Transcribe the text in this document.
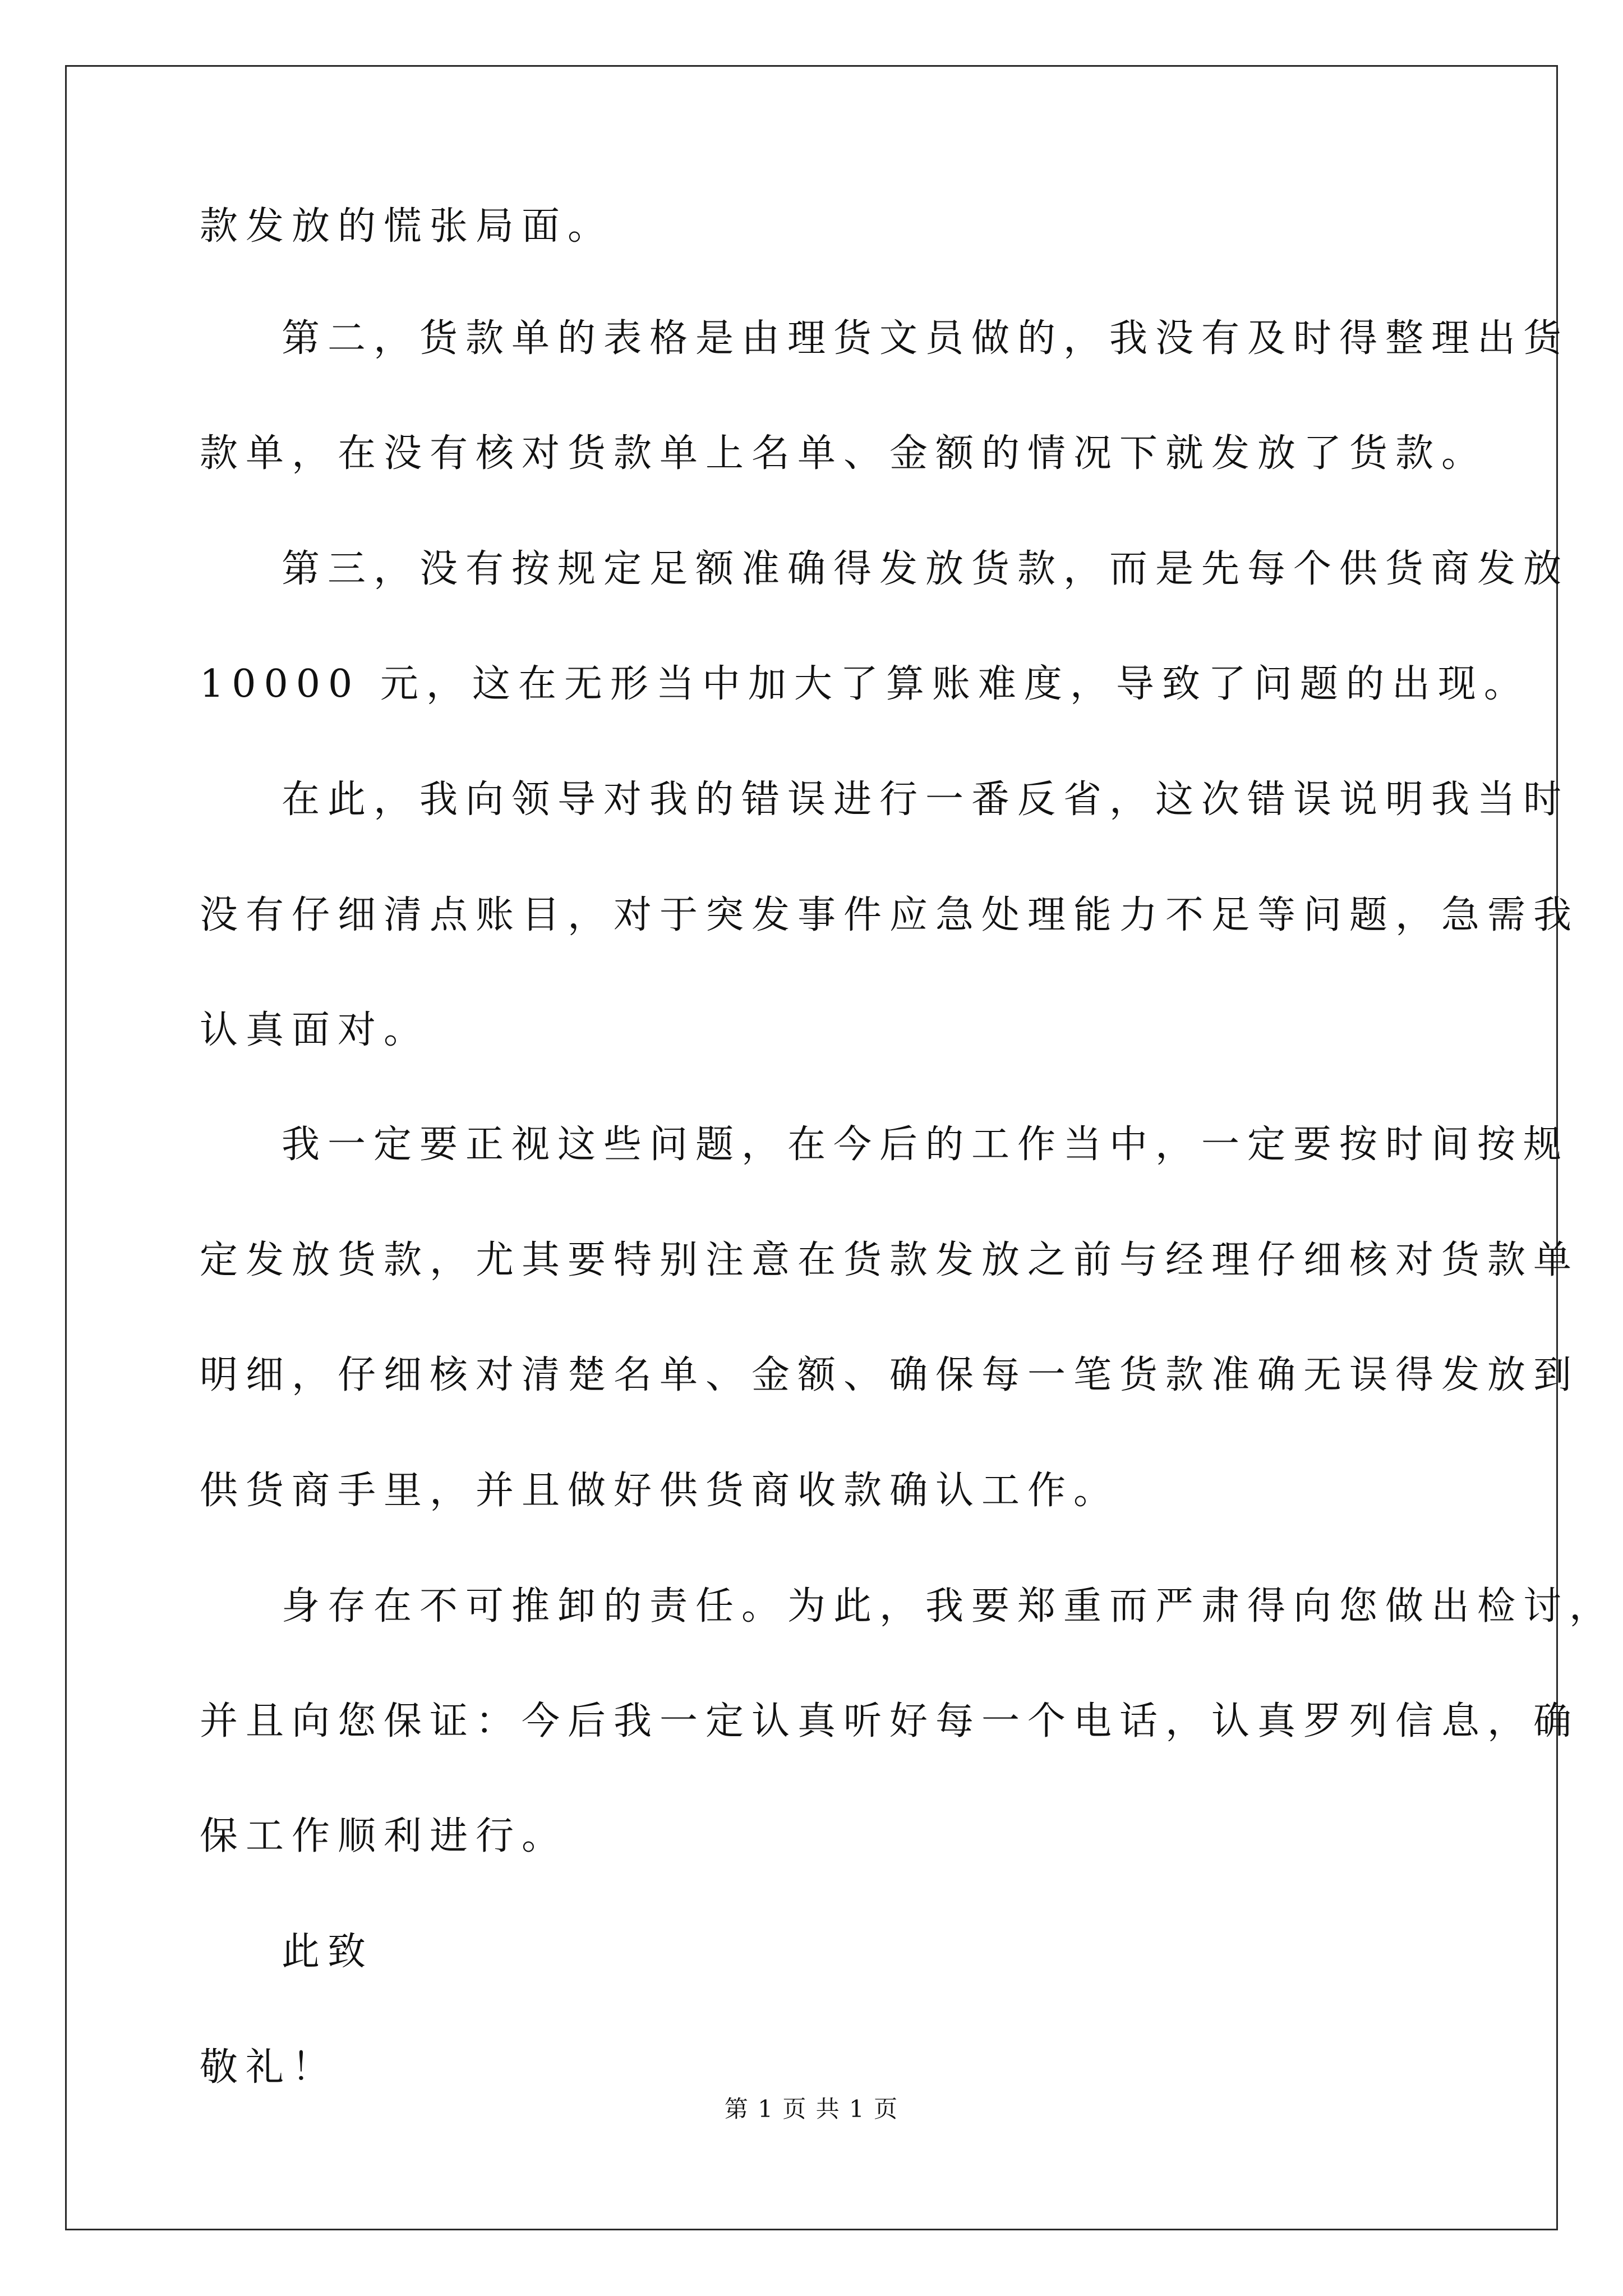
款发放的慌张局面。
第二，货款单的表格是由理货文员做的，我没有及时得整理出货
款单，在没有核对货款单上名单、金额的情况下就发放了货款。
第三，没有按规定足额准确得发放货款，而是先每个供货商发放
10000 元，这在无形当中加大了算账难度，导致了问题的出现。
在此，我向领导对我的错误进行一番反省，这次错误说明我当时
没有仔细清点账目，对于突发事件应急处理能力不足等问题，急需我
认真面对。
我一定要正视这些问题，在今后的工作当中，一定要按时间按规
定发放货款，尤其要特别注意在货款发放之前与经理仔细核对货款单
明细，仔细核对清楚名单、金额、确保每一笔货款准确无误得发放到
供货商手里，并且做好供货商收款确认工作。
身存在不可推卸的责任。为此，我要郑重而严肃得向您做出检讨，
并且向您保证：今后我一定认真听好每一个电话，认真罗列信息，确
保工作顺利进行。
此致
敬礼！
第 1 页 共 1 页
